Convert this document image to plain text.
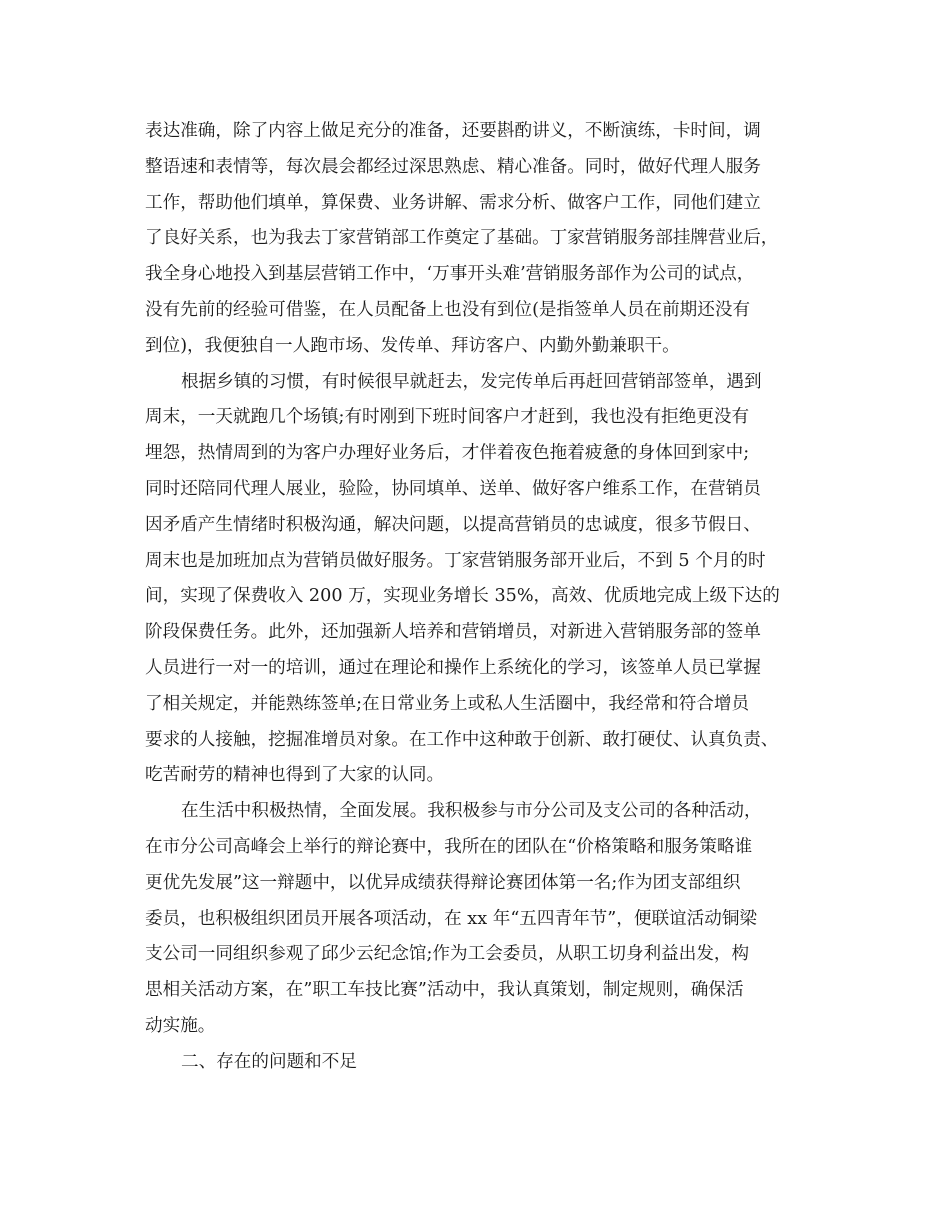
表达准确，除了内容上做足充分的准备，还要斟酌讲义，不断演练，卡时间，调
整语速和表情等，每次晨会都经过深思熟虑、精心准备。同时，做好代理人服务
工作，帮助他们填单，算保费、业务讲解、需求分析、做客户工作，同他们建立
了良好关系，也为我去丁家营销部工作奠定了基础。丁家营销服务部挂牌营业后，
我全身心地投入到基层营销工作中，‘万事开头难’营销服务部作为公司的试点，
没有先前的经验可借鉴，在人员配备上也没有到位(是指签单人员在前期还没有
到位)，我便独自一人跑市场、发传单、拜访客户、内勤外勤兼职干。
根据乡镇的习惯，有时候很早就赶去，发完传单后再赶回营销部签单，遇到
周末，一天就跑几个场镇;有时刚到下班时间客户才赶到，我也没有拒绝更没有
埋怨，热情周到的为客户办理好业务后，才伴着夜色拖着疲惫的身体回到家中;
同时还陪同代理人展业，验险，协同填单、送单、做好客户维系工作，在营销员
因矛盾产生情绪时积极沟通，解决问题，以提高营销员的忠诚度，很多节假日、
周末也是加班加点为营销员做好服务。丁家营销服务部开业后，不到 5 个月的时
间，实现了保费收入 200 万，实现业务增长 35%，高效、优质地完成上级下达的
阶段保费任务。此外，还加强新人培养和营销增员，对新进入营销服务部的签单
人员进行一对一的培训，通过在理论和操作上系统化的学习，该签单人员已掌握
了相关规定，并能熟练签单;在日常业务上或私人生活圈中，我经常和符合增员
要求的人接触，挖掘准增员对象。在工作中这种敢于创新、敢打硬仗、认真负责、
吃苦耐劳的精神也得到了大家的认同。
在生活中积极热情，全面发展。我积极参与市分公司及支公司的各种活动，
在市分公司高峰会上举行的辩论赛中，我所在的团队在“价格策略和服务策略谁
更优先发展”这一辩题中，以优异成绩获得辩论赛团体第一名;作为团支部组织
委员，也积极组织团员开展各项活动，在 xx 年“五四青年节”，便联谊活动铜梁
支公司一同组织参观了邱少云纪念馆;作为工会委员，从职工切身利益出发，构
思相关活动方案，在”职工车技比赛”活动中，我认真策划，制定规则，确保活
动实施。
二、存在的问题和不足
